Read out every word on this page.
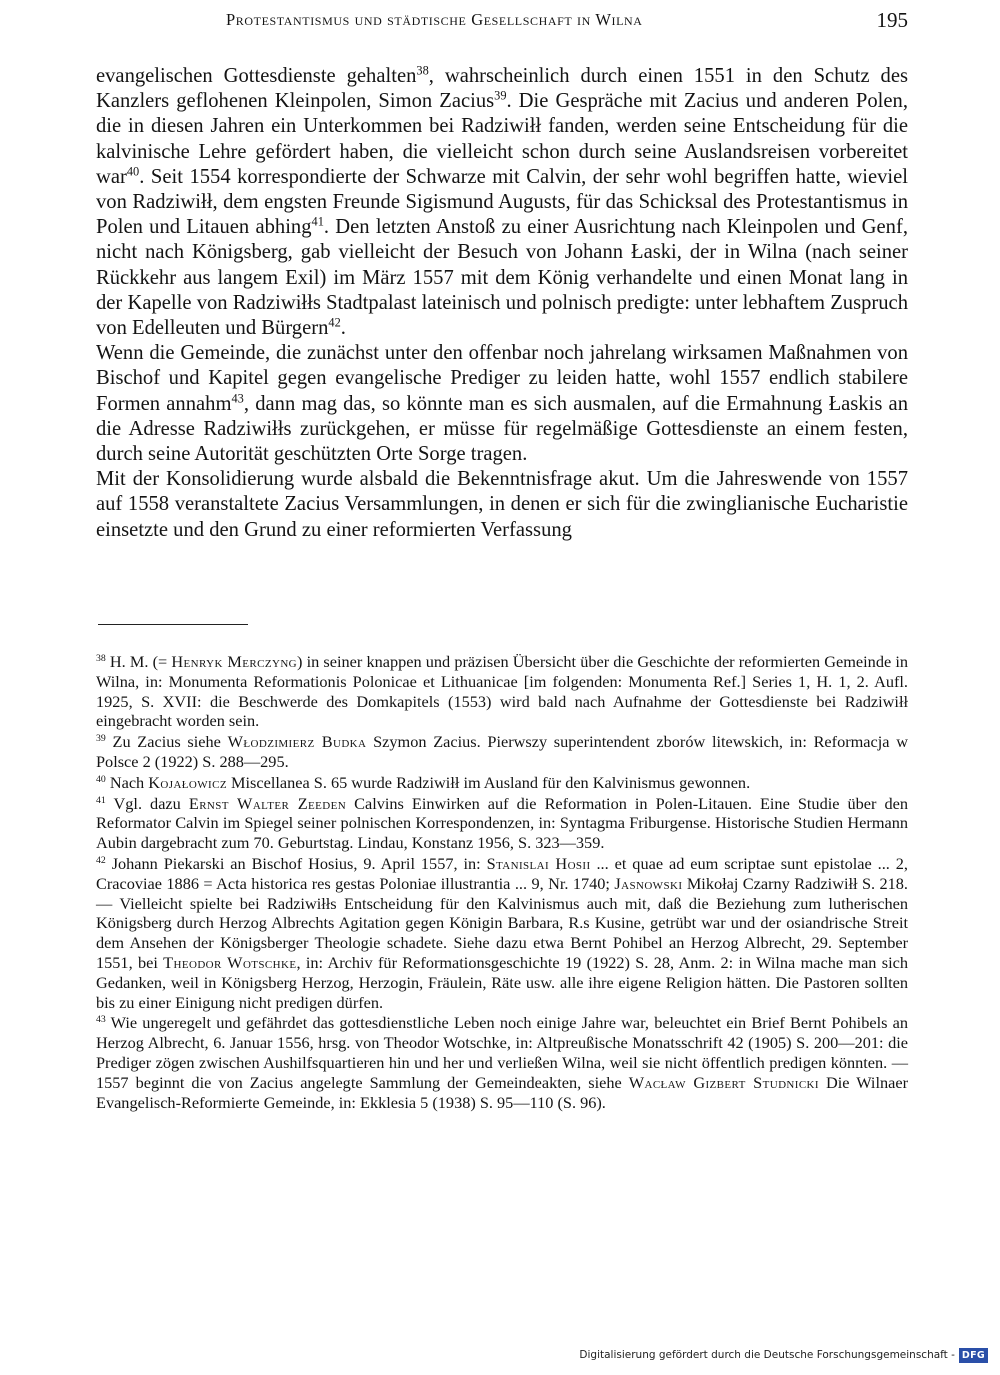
Protestantismus und städtische Gesellschaft in Wilna	195

evangelischen Gottesdienste gehalten$^{38}$, wahrscheinlich durch einen 1551 in den Schutz des Kanzlers geflohenen Kleinpolen, Simon Zacius$^{39}$. Die Gespräche mit Zacius und anderen Polen, die in diesen Jahren ein Unterkommen bei Radziwiłł fanden, werden seine Entscheidung für die kalvinische Lehre gefördert haben, die vielleicht schon durch seine Auslandsreisen vorbereitet war$^{40}$. Seit 1554 korrespondierte der Schwarze mit Calvin, der sehr wohl begriffen hatte, wieviel von Radziwiłł, dem engsten Freunde Sigismund Augusts, für das Schicksal des Protestantismus in Polen und Litauen abhing$^{41}$. Den letzten Anstoß zu einer Ausrichtung nach Kleinpolen und Genf, nicht nach Königsberg, gab vielleicht der Besuch von Johann Łaski, der in Wilna (nach seiner Rückkehr aus langem Exil) im März 1557 mit dem König verhandelte und einen Monat lang in der Kapelle von Radziwiłłs Stadtpalast lateinisch und polnisch predigte: unter lebhaftem Zuspruch von Edelleuten und Bürgern$^{42}$.

Wenn die Gemeinde, die zunächst unter den offenbar noch jahrelang wirksamen Maßnahmen von Bischof und Kapitel gegen evangelische Prediger zu leiden hatte, wohl 1557 endlich stabilere Formen annahm$^{43}$, dann mag das, so könnte man es sich ausmalen, auf die Ermahnung Łaskis an die Adresse Radziwiłłs zurückgehen, er müsse für regelmäßige Gottesdienste an einem festen, durch seine Autorität geschützten Orte Sorge tragen.

Mit der Konsolidierung wurde alsbald die Bekenntnisfrage akut. Um die Jahreswende von 1557 auf 1558 veranstaltete Zacius Versammlungen, in denen er sich für die zwinglianische Eucharistie einsetzte und den Grund zu einer reformierten Verfassung

$^{38}$ H. M. (= Henryk Merczyng) in seiner knappen und präzisen Übersicht über die Geschichte der reformierten Gemeinde in Wilna, in: Monumenta Reformationis Polonicae et Lithuanicae [im folgenden: Monumenta Ref.] Series 1, H. 1, 2. Aufl. 1925, S. XVII: die Beschwerde des Domkapitels (1553) wird bald nach Aufnahme der Gottesdienste bei Radziwiłł eingebracht worden sein.

$^{39}$ Zu Zacius siehe Włodzimierz Budka Szymon Zacius. Pierwszy superintendent zborów litewskich, in: Reformacja w Polsce 2 (1922) S. 288—295.

$^{40}$ Nach Kojałowicz Miscellanea S. 65 wurde Radziwiłł im Ausland für den Kalvinismus gewonnen.

$^{41}$ Vgl. dazu Ernst Walter Zeeden Calvins Einwirken auf die Reformation in Polen-Litauen. Eine Studie über den Reformator Calvin im Spiegel seiner polnischen Korrespondenzen, in: Syntagma Friburgense. Historische Studien Hermann Aubin dargebracht zum 70. Geburtstag. Lindau, Konstanz 1956, S. 323—359.

$^{42}$ Johann Piekarski an Bischof Hosius, 9. April 1557, in: Stanislai Hosii ... et quae ad eum scriptae sunt epistolae ... 2, Cracoviae 1886 = Acta historica res gestas Poloniae illustrantia ... 9, Nr. 1740; Jasnowski Mikołaj Czarny Radziwiłł S. 218. — Vielleicht spielte bei Radziwiłłs Entscheidung für den Kalvinismus auch mit, daß die Beziehung zum lutherischen Königsberg durch Herzog Albrechts Agitation gegen Königin Barbara, R.s Kusine, getrübt war und der osiandrische Streit dem Ansehen der Königsberger Theologie schadete. Siehe dazu etwa Bernt Pohibel an Herzog Albrecht, 29. September 1551, bei Theodor Wotschke, in: Archiv für Reformationsgeschichte 19 (1922) S. 28, Anm. 2: in Wilna mache man sich Gedanken, weil in Königsberg Herzog, Herzogin, Fräulein, Räte usw. alle ihre eigene Religion hätten. Die Pastoren sollten bis zu einer Einigung nicht predigen dürfen.

$^{43}$ Wie ungeregelt und gefährdet das gottesdienstliche Leben noch einige Jahre war, beleuchtet ein Brief Bernt Pohibels an Herzog Albrecht, 6. Januar 1556, hrsg. von Theodor Wotschke, in: Altpreußische Monatsschrift 42 (1905) S. 200—201: die Prediger zögen zwischen Aushilfsquartieren hin und her und verließen Wilna, weil sie nicht öffentlich predigen könnten. — 1557 beginnt die von Zacius angelegte Sammlung der Gemeindeakten, siehe Wacław Gizbert Studnicki Die Wilnaer Evangelisch-Reformierte Gemeinde, in: Ekklesia 5 (1938) S. 95—110 (S. 96).

Digitalisierung gefördert durch die Deutsche Forschungsgemeinschaft - DFG
